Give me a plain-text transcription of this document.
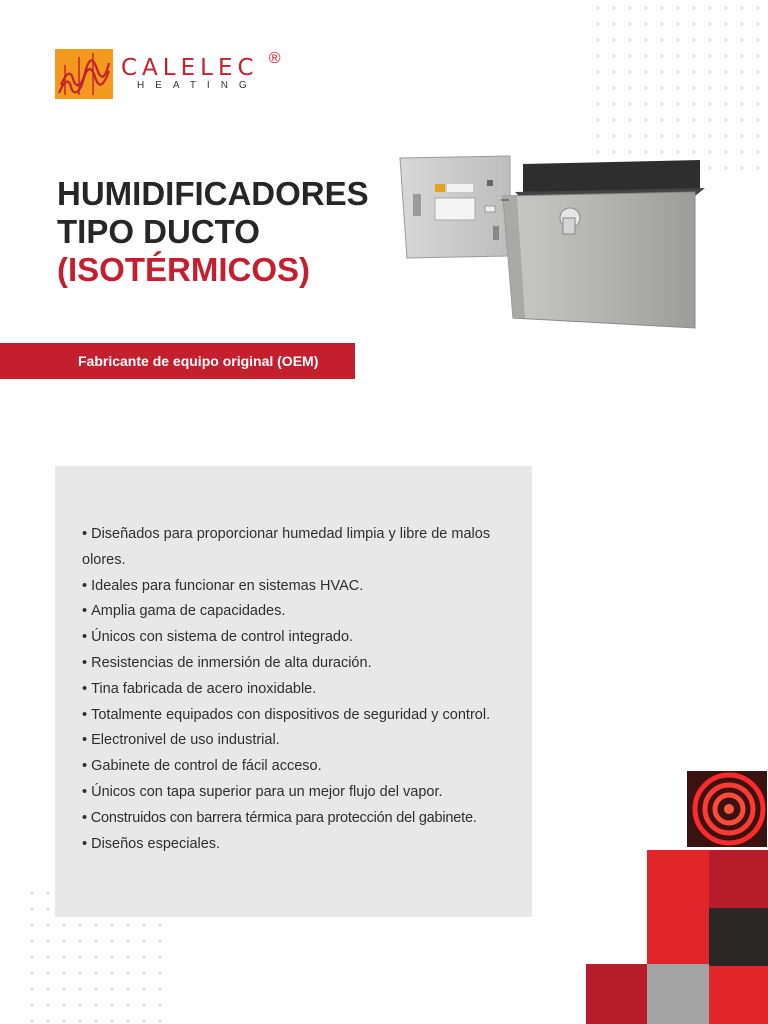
CALELEC ®
HEATING
HUMIDIFICADORES
TIPO DUCTO
(ISOTÉRMICOS)
Fabricante de equipo original (OEM)
• Diseñados para proporcionar humedad limpia y libre de malos olores.
• Ideales para funcionar en sistemas HVAC.
• Amplia gama de capacidades.
• Únicos con sistema de control integrado.
• Resistencias de inmersión de alta duración.
• Tina fabricada de acero inoxidable.
• Totalmente equipados con dispositivos de seguridad y control.
• Electronivel de uso industrial.
• Gabinete de control de fácil acceso.
• Únicos con tapa superior para un mejor flujo del vapor.
• Construidos con barrera térmica para protección del gabinete.
• Diseños especiales.
